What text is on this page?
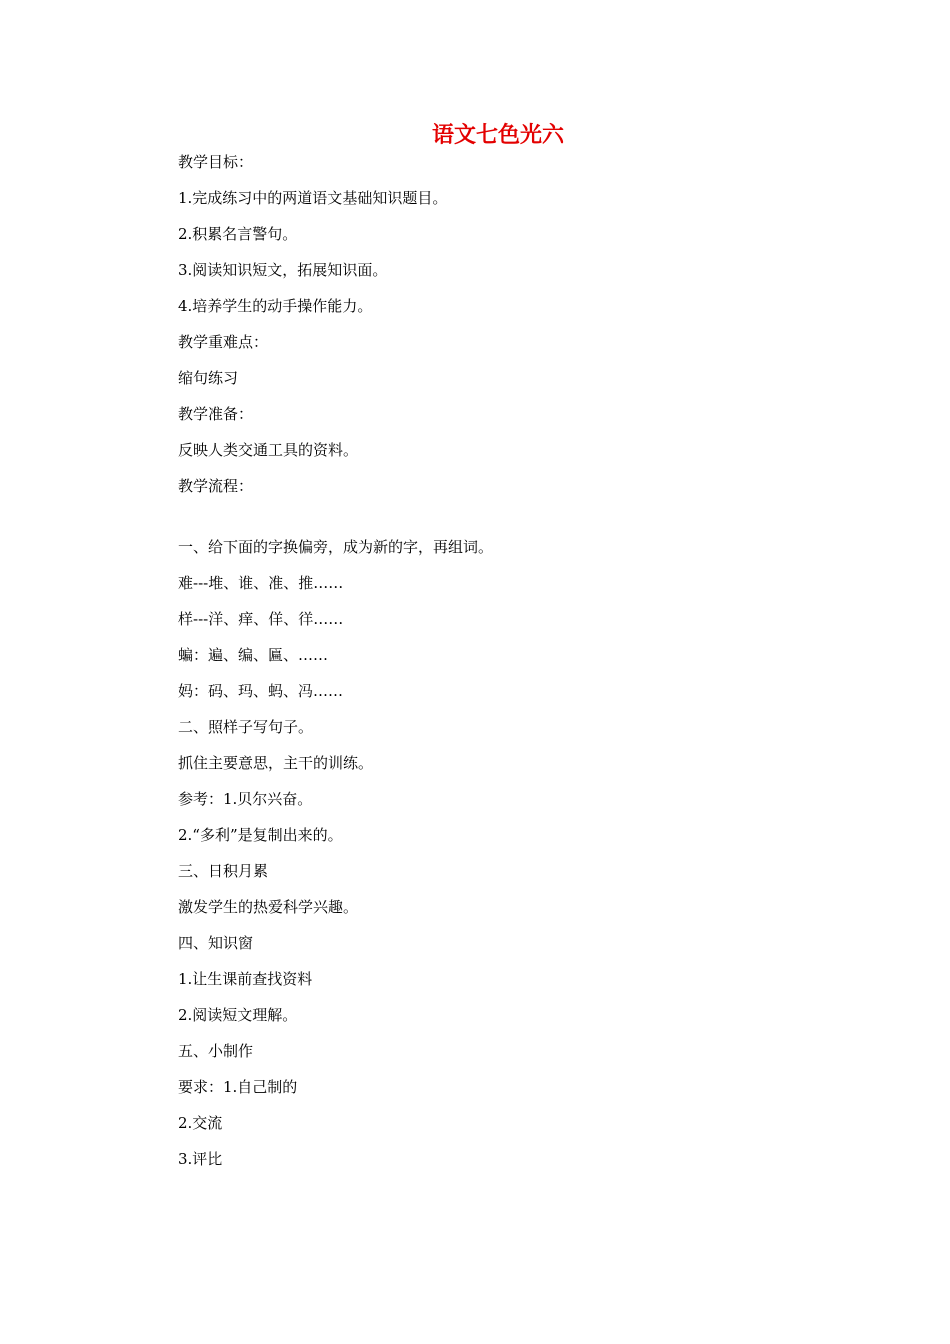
语文七色光六
教学目标：
1.完成练习中的两道语文基础知识题目。
2.积累名言警句。
3.阅读知识短文，拓展知识面。
4.培养学生的动手操作能力。
教学重难点：
缩句练习
教学准备：
反映人类交通工具的资料。
教学流程：
一、给下面的字换偏旁，成为新的字，再组词。
难---堆、谁、准、推……
样---洋、痒、佯、徉……
蝙：遍、编、匾、……
妈：码、玛、蚂、冯……
二、照样子写句子。
抓住主要意思，主干的训练。
参考：1.贝尔兴奋。
2.“多利”是复制出来的。
三、日积月累
激发学生的热爱科学兴趣。
四、知识窗
1.让生课前查找资料
2.阅读短文理解。
五、小制作
要求：1.自己制的
2.交流
3.评比
